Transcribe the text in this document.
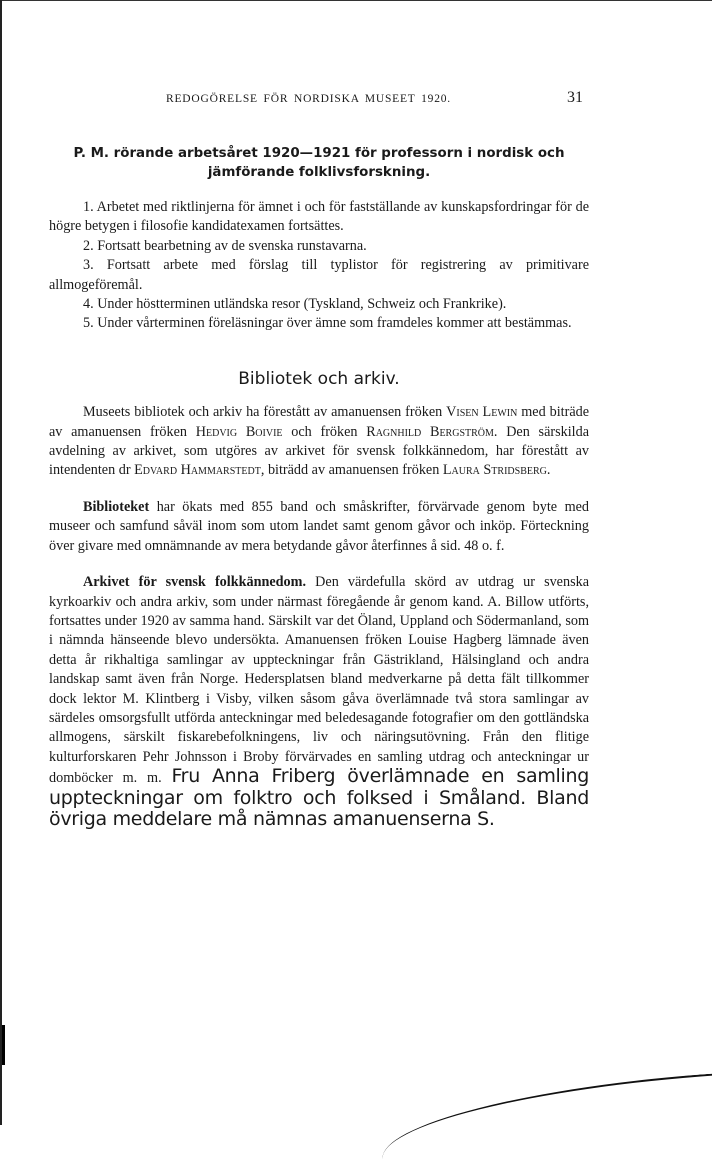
REDOGÖRELSE FÖR NORDISKA MUSEET 1920.	31
P. M. rörande arbetsåret 1920—1921 för professorn i nordisk och
jämförande folklivsforskning.

1. Arbetet med riktlinjerna för ämnet i och för fastställande av kunskapsfordringar för de högre betygen i filosofie kandidatexamen fortsättes.

2. Fortsatt bearbetning av de svenska runstavarna.

3. Fortsatt arbete med förslag till typlistor för registrering av primitivare allmogeföremål.

4. Under höstterminen utländska resor (Tyskland, Schweiz och Frankrike).

5. Under vårterminen föreläsningar över ämne som framdeles kommer att bestämmas.

Bibliotek och arkiv.

Museets bibliotek och arkiv ha förestått av amanuensen fröken Visen Lewin med biträde av amanuensen fröken Hedvig Boivie och fröken Ragnhild Bergström. Den särskilda avdelning av arkivet, som utgöres av arkivet för svensk folkkännedom, har förestått av intendenten dr Edvard Hammarstedt, biträdd av amanuensen fröken Laura Stridsberg.

Biblioteket har ökats med 855 band och småskrifter, förvärvade genom byte med museer och samfund såväl inom som utom landet samt genom gåvor och inköp. Förteckning över givare med omnämnande av mera betydande gåvor återfinnes å sid. 48 o. f.

Arkivet för svensk folkkännedom. Den värdefulla skörd av utdrag ur svenska kyrkoarkiv och andra arkiv, som under närmast föregående år genom kand. A. Billow utförts, fortsattes under 1920 av samma hand. Särskilt var det Öland, Uppland och Södermanland, som i nämnda hänseende blevo undersökta. Amanuensen fröken Louise Hagberg lämnade även detta år rikhaltiga samlingar av uppteckningar från Gästrikland, Hälsingland och andra landskap samt även från Norge. Hedersplatsen bland medverkarne på detta fält tillkommer dock lektor M. Klintberg i Visby, vilken såsom gåva överlämnade två stora samlingar av särdeles omsorgsfullt utförda anteckningar med beledesagande fotografier om den gottländska allmogens, särskilt fiskarebefolkningens, liv och näringsutövning. Från den flitige kulturforskaren Pehr Johnsson i Broby förvärvades en samling utdrag och anteckningar ur domböcker m. m. Fru Anna Friberg överlämnade en samling uppteckningar om folktro och folksed i Småland. Bland övriga meddelare må nämnas amanuenserna S.
